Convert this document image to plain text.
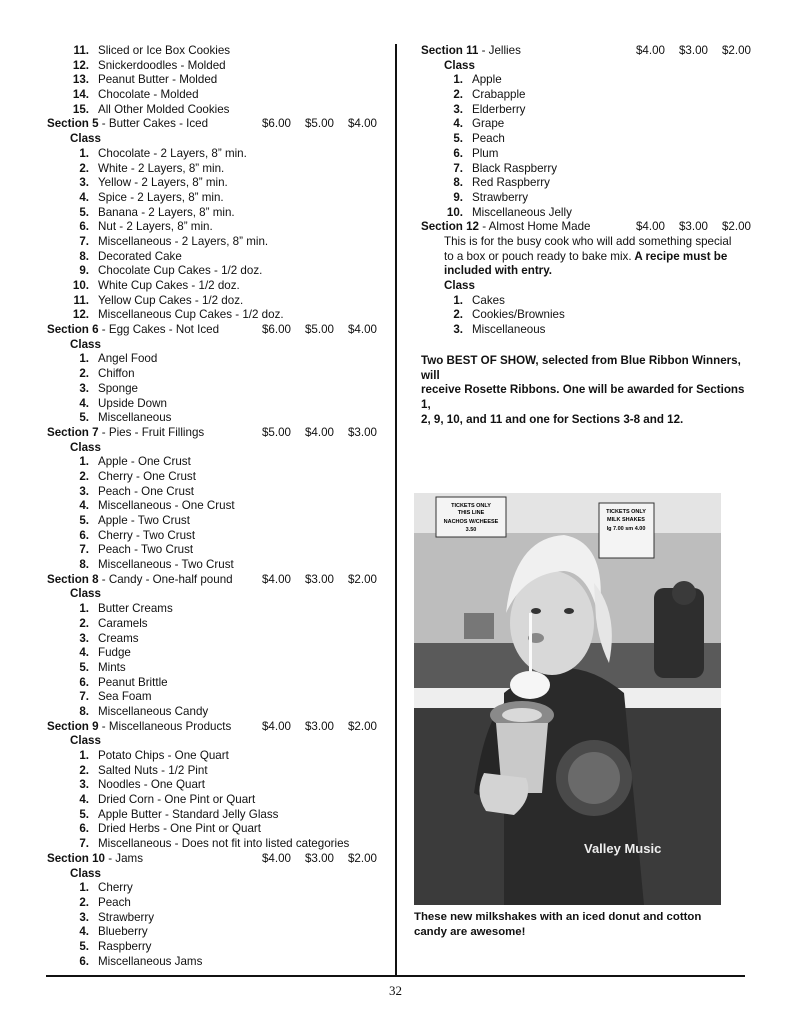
11. Sliced or Ice Box Cookies
12. Snickerdoodles - Molded
13. Peanut Butter - Molded
14. Chocolate - Molded
15. All Other Molded Cookies
Section 5 - Butter Cakes - Iced	$6.00 $5.00 $4.00
Class
1. Chocolate - 2 Layers, 8” min.
2. White - 2 Layers, 8” min.
3. Yellow - 2 Layers, 8” min.
4. Spice - 2 Layers, 8” min.
5. Banana - 2 Layers, 8” min.
6. Nut - 2 Layers, 8” min.
7. Miscellaneous - 2 Layers, 8” min.
8. Decorated Cake
9. Chocolate Cup Cakes - 1/2 doz.
10. White Cup Cakes - 1/2 doz.
11. Yellow Cup Cakes - 1/2 doz.
12. Miscellaneous Cup Cakes - 1/2 doz.
Section 6 - Egg Cakes - Not Iced	$6.00 $5.00 $4.00
Class
1. Angel Food
2. Chiffon
3. Sponge
4. Upside Down
5. Miscellaneous
Section 7 - Pies - Fruit Fillings	$5.00 $4.00 $3.00
Class
1. Apple - One Crust
2. Cherry - One Crust
3. Peach - One Crust
4. Miscellaneous - One Crust
5. Apple - Two Crust
6. Cherry - Two Crust
7. Peach - Two Crust
8. Miscellaneous - Two Crust
Section 8 - Candy - One-half pound	$4.00 $3.00 $2.00
Class
1. Butter Creams
2. Caramels
3. Creams
4. Fudge
5. Mints
6. Peanut Brittle
7. Sea Foam
8. Miscellaneous Candy
Section 9 - Miscellaneous Products	$4.00 $3.00 $2.00
Class
1. Potato Chips - One Quart
2. Salted Nuts - 1/2 Pint
3. Noodles - One Quart
4. Dried Corn - One Pint or Quart
5. Apple Butter - Standard Jelly Glass
6. Dried Herbs - One Pint or Quart
7. Miscellaneous - Does not fit into listed categories
Section 10 - Jams	$4.00 $3.00 $2.00
Class
1. Cherry
2. Peach
3. Strawberry
4. Blueberry
5. Raspberry
6. Miscellaneous Jams
Section 11 - Jellies	$4.00 $3.00 $2.00
Class
1. Apple
2. Crabapple
3. Elderberry
4. Grape
5. Peach
6. Plum
7. Black Raspberry
8. Red Raspberry
9. Strawberry
10. Miscellaneous Jelly
Section 12 - Almost Home Made	$4.00 $3.00 $2.00
This is for the busy cook who will add something special
to a box or pouch ready to bake mix. A recipe must be
included with entry.
Class
1. Cakes
2. Cookies/Brownies
3. Miscellaneous
Two BEST OF SHOW, selected from Blue Ribbon Winners, will
receive Rosette Ribbons. One will be awarded for Sections 1,
2, 9, 10, and 11 and one for Sections 3-8 and 12.
TICKETS ONLY
THIS LINE
NACHOS W/CHEESE
3.50
TICKETS ONLY
MILK SHAKES
lg 7.00 sm 4.00
Valley Music
These new milkshakes with an iced donut and cotton
candy are awesome!
32
